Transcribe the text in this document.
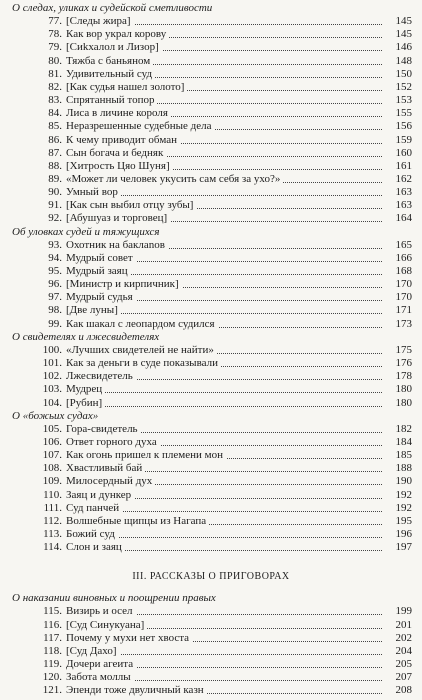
О следах, уликах и судейской сметливости
77. [Следы жира]	145
78. Как вор украл корову	145
79. [Сиkхалол и Лизор]	146
80. Тяжба с баньяном	148
81. Удивительный суд	150
82. [Как судья нашел золото]	152
83. Спрятанный топор	153
84. Лиса в личине короля	155
85. Неразрешенные судебные дела	156
86. К чему приводит обман	159
87. Сын богача и бедняк	160
88. [Хитрость Цяо Шуня]	161
89. «Может ли человек укусить сам себя за ухо?»	162
90. Умный вор	163
91. [Как сын выбил отцу зубы]	163
92. [Абушуаз и торговец]	164
Об уловках судей и тяжущихся
93. Охотник на баклanов	165
94. Мудрый совет	166
95. Мудрый заяц	168
96. [Министр и кирпичник]	170
97. Мудрый судья	170
98. [Две луны]	171
99. Как шакал с леопардом судился	173
О свидетелях и лжесвидетелях
100. «Лучших свидетелей не найти»	175
101. Как за деньги в суде показывали	176
102. Лжесвидетель	178
103. Мудрец	180
104. [Рубин]	180
О «божьих судах»
105. Гора-свидетель	182
106. Ответ горного духа	184
107. Как огонь пришел к племени мон	185
108. Хвастливый бай	188
109. Милосердный дух	190
110. Заяц и дункер	192
111. Суд панчей	192
112. Волшебные щипцы из Нагапа	195
113. Божий суд	196
114. Слон и заяц	197
III. РАССКАЗЫ О ПРИГОВОРАХ
О наказании виновных и поощрении правых
115. Визирь и осел	199
116. [Суд Синукуана]	201
117. Почему у мухи нет хвоста	202
118. [Суд Дахо]	204
119. Дочери агеита	205
120. Забота моллы	207
121. Эпенди тоже двуличный казн	208
